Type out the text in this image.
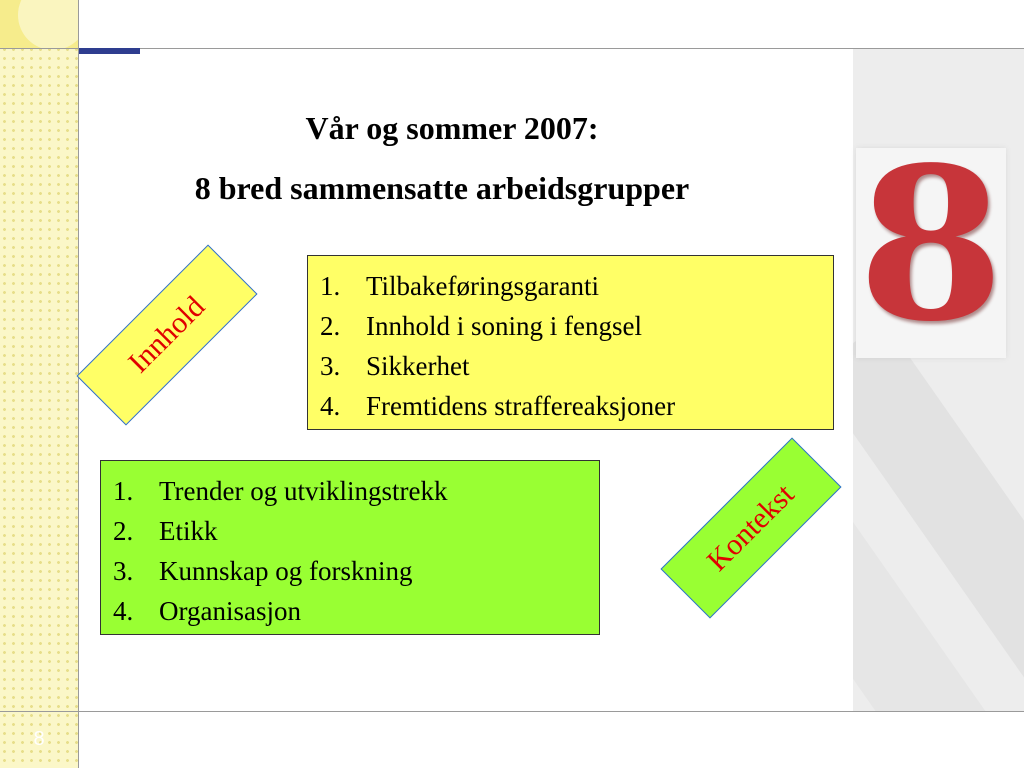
8
8
Vår og sommer 2007:
8 bred sammensatte arbeidsgrupper
1. Tilbakeføringsgaranti
2. Innhold i soning i fengsel
3. Sikkerhet
4. Fremtidens straffereaksjoner
1. Trender og utviklingstrekk
2. Etikk
3. Kunnskap og forskning
4. Organisasjon
Innhold
Kontekst
